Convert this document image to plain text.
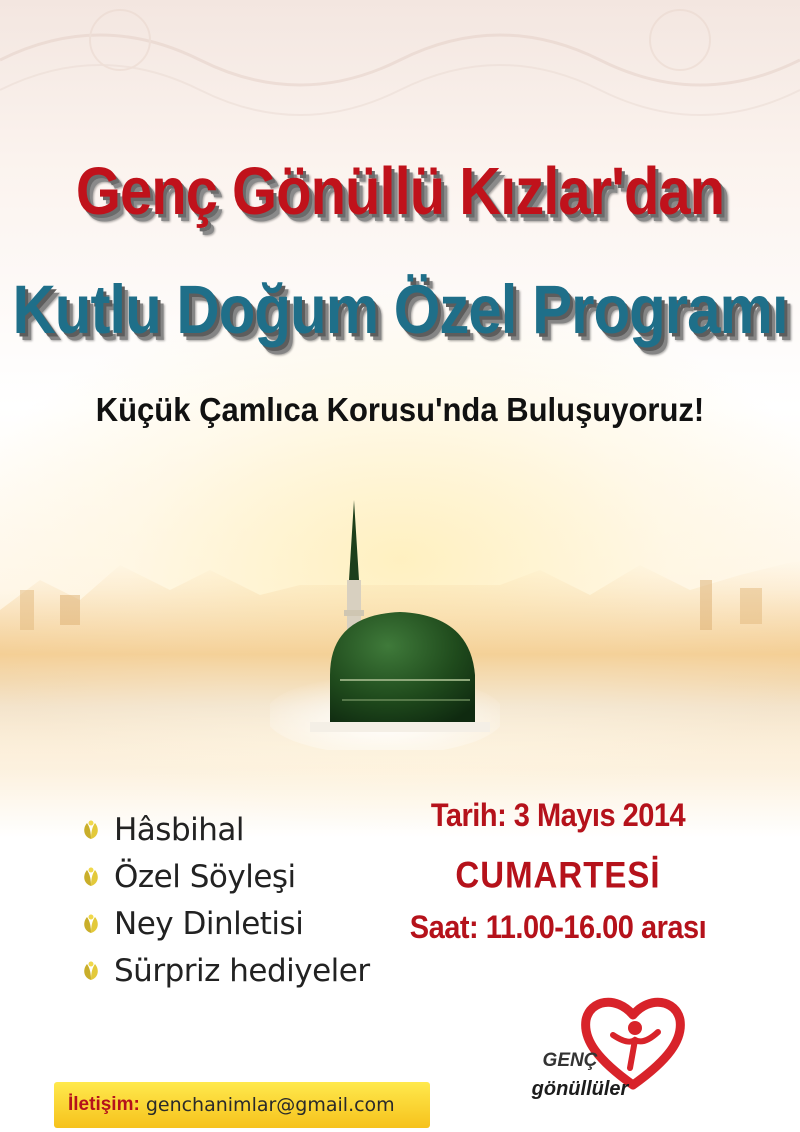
Genç Gönüllü Kızlar'dan
Kutlu Doğum Özel Programı
Küçük Çamlıca Korusu'nda Buluşuyoruz!
Hâsbihal
Özel Söyleşi
Ney Dinletisi
Sürpriz hediyeler
Tarih: 3 Mayıs 2014
CUMARTESİ
Saat: 11.00-16.00 arası
İletişim: genchanimlar@gmail.com
GENÇ
gönüllüler
